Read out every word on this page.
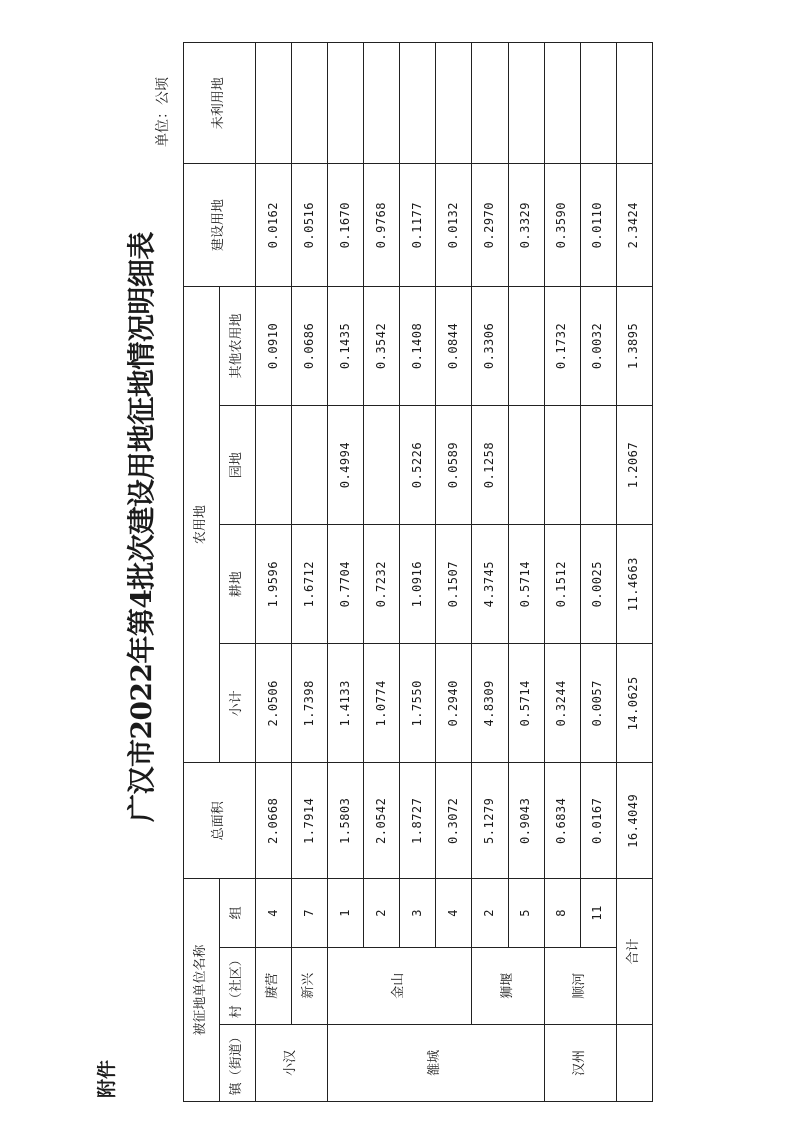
附件
广汉市2022年第4批次建设用地征地情况明细表
单位：公顷
被征地单位名称			总面积	农用地				建设用地	未利用地
镇（街道）	村（社区）	组		小计	耕地	园地	其他农用地		

小汉	赓营	4	2.0668	2.0506	1.9596		0.0910	0.0162	
	新兴	7	1.7914	1.7398	1.6712		0.0686	0.0516	
雒城	金山	1	1.5803	1.4133	0.7704	0.4994	0.1435	0.1670	
		2	2.0542	1.0774	0.7232		0.3542	0.9768	
		3	1.8727	1.7550	1.0916	0.5226	0.1408	0.1177	
		4	0.3072	0.2940	0.1507	0.0589	0.0844	0.0132	
	狮堰	2	5.1279	4.8309	4.3745	0.1258	0.3306	0.2970	
		5	0.9043	0.5714	0.5714			0.3329	
汉州	顺河	8	0.6834	0.3244	0.1512		0.1732	0.3590	
		11	0.0167	0.0057	0.0025		0.0032	0.0110	
	合计		16.4049	14.0625	11.4663	1.2067	1.3895	2.3424	
